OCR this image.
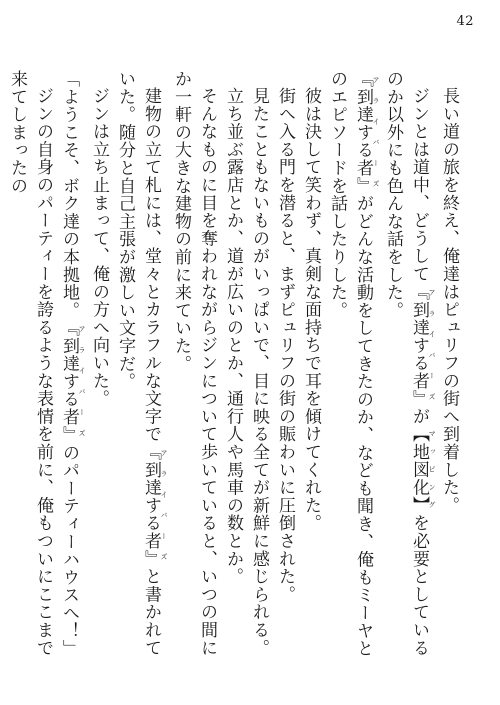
42

長い道の旅を終え、俺達はピュリフの街へ到着した。

ジンとは道中、どうして『到達する者』 アライバーズが【地図化】 マッピングを必要としているのか以外にも色んな話をした。

『到達する者』 アライバーズがどんな活動をしてきたのか、なども聞き、俺もミーヤとのエピソードを話したりした。

彼は決して笑わず、真剣な面持ちで耳を傾けてくれた。

街へ入る門を潜ると、まずピュリフの街の賑わいに圧倒された。

見たこともないものがいっぱいで、目に映る全てが新鮮に感じられる。

立ち並ぶ露店とか、道が広いのとか、通行人や馬車の数とか。

そんなものに目を奪われながらジンについて歩いていると、いつの間にか一軒の大きな建物の前に来ていた。

建物の立て札には、堂々とカラフルな文字で『到達する者』 アライバーズと書かれていた。随分と自己主張が激しい文字だ。

ジンは立ち止まって、俺の方へ向いた。

「ようこそ、ボク達の本拠地。『到達する者』 アライバーズのパーティーハウスへ！」

ジンの自身のパーティーを誇るような表情を前に、俺もついにここまで来てしまったの
